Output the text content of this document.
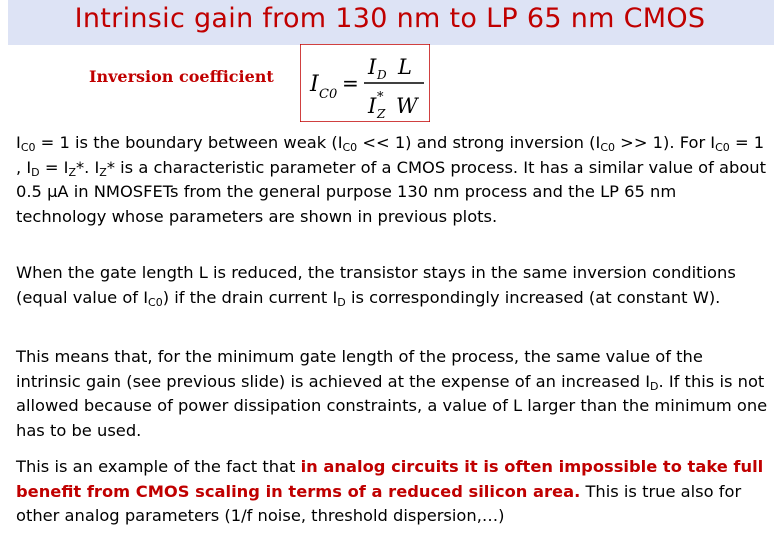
Intrinsic gain from 130 nm to LP 65 nm CMOS
Inversion coefficient I C0 =
I D L
I *
Z W
$I_{C0} = 1$ is the boundary between weak $(I_{C0} << 1)$ and strong inversion $(I_{C0} >> 1)$. For $I_{C0} = 1$ , $I_D = I_Z*$. $I_Z*$ is a characteristic parameter of a CMOS process. It has a similar value of about 0.5 μA in NMOSFETs from the general purpose 130 nm process and the LP 65 nm technology whose parameters are shown in previous plots.
When the gate length L is reduced, the transistor stays in the same inversion conditions (equal value of $I_{C0}$) if the drain current $I_D$ is correspondingly increased (at constant W).
This means that, for the minimum gate length of the process, the same value of the intrinsic gain (see previous slide) is achieved at the expense of an increased $I_D$. If this is not allowed because of power dissipation constraints, a value of L larger than the minimum one has to be used.
This is an example of the fact that in analog circuits it is often impossible to take full benefit from CMOS scaling in terms of a reduced silicon area. This is true also for other analog parameters (1/f noise, threshold dispersion,…)
